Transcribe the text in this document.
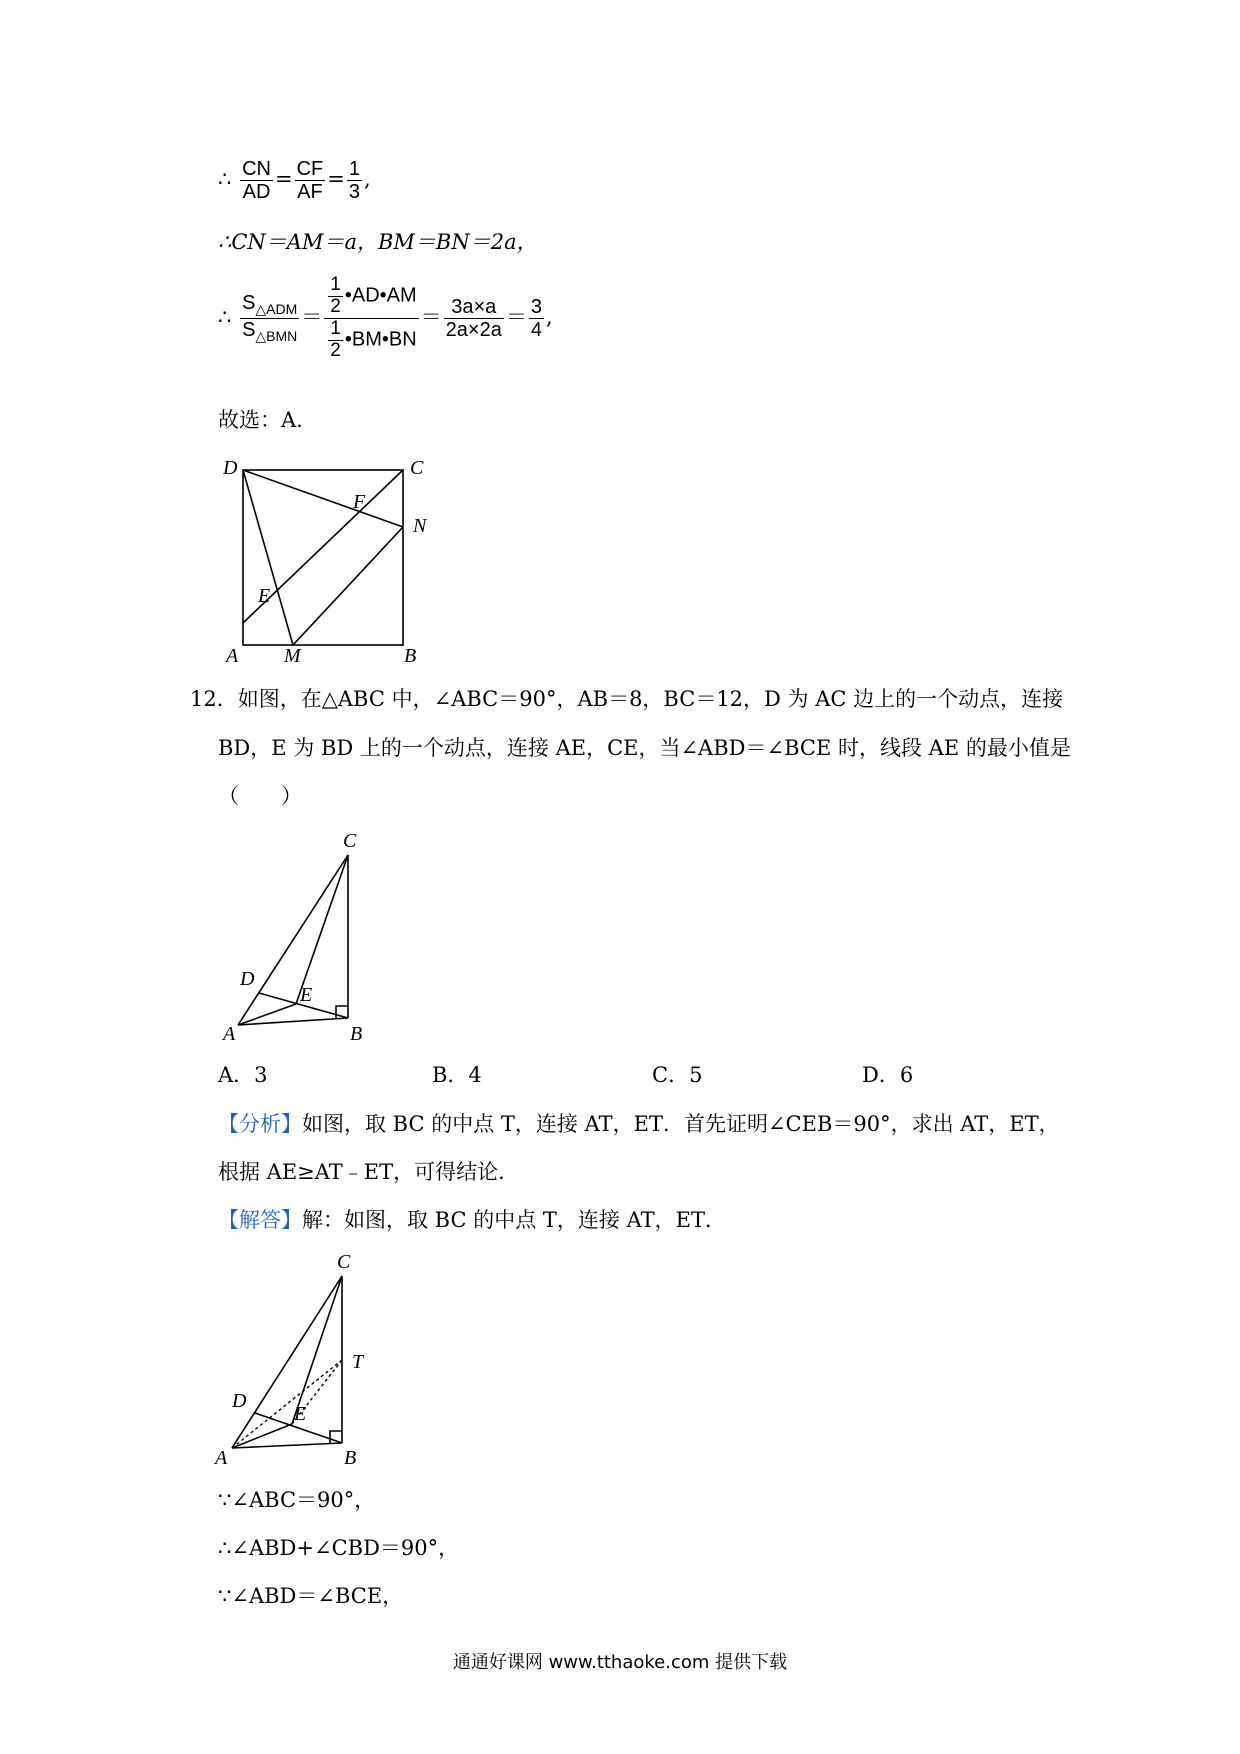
∴ $\frac{CN}{AD} = \frac{CF}{AF} = \frac{1}{3}$ ,
∴CN＝AM＝a，BM＝BN＝2a，
∴ $\frac{S_{\triangle ADM}}{S_{\triangle BMN}} = \frac{\frac{1}{2} •AD•AM}{\frac{1}{2} •BM•BN} = \frac{3a\times a}{2a\times 2a} = \frac{3}{4}$ ,
故选：A.
D	C
F
N
E
A M	B
12．如图，在△ABC 中，∠ABC＝90°，AB＝8，BC＝12，D 为 AC 边上的一个动点，连接
BD，E 为 BD 上的一个动点，连接 AE，CE，当∠ABD＝∠BCE 时，线段 AE 的最小值是
（　　）
C
D
E
A	B
A．3	B．4	C．5	D．6
【分析】如图，取 BC 的中点 T，连接 AT，ET．首先证明∠CEB＝90°，求出 AT，ET，
根据 AE≥AT﹣ET，可得结论．
【解答】解：如图，取 BC 的中点 T，连接 AT，ET．
C
T
D
E
A	B
∵∠ABC＝90°，
∴∠ABD+∠CBD＝90°，
∵∠ABD＝∠BCE，
通通好课网 www.tthaoke.com 提供下载
